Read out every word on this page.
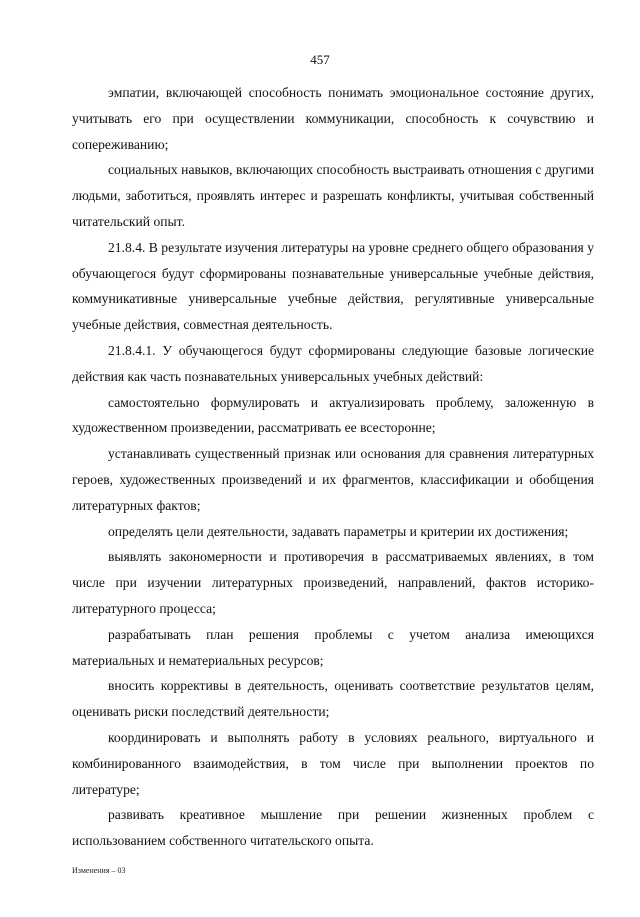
457

эмпатии, включающей способность понимать эмоциональное состояние других, учитывать его при осуществлении коммуникации, способность к сочувствию и сопереживанию;

социальных навыков, включающих способность выстраивать отношения с другими людьми, заботиться, проявлять интерес и разрешать конфликты, учитывая собственный читательский опыт.

21.8.4. В результате изучения литературы на уровне среднего общего образования у обучающегося будут сформированы познавательные универсальные учебные действия, коммуникативные универсальные учебные действия, регулятивные универсальные учебные действия, совместная деятельность.

21.8.4.1. У обучающегося будут сформированы следующие базовые логические действия как часть познавательных универсальных учебных действий:

самостоятельно формулировать и актуализировать проблему, заложенную в художественном произведении, рассматривать ее всесторонне;

устанавливать существенный признак или основания для сравнения литературных героев, художественных произведений и их фрагментов, классификации и обобщения литературных фактов;

определять цели деятельности, задавать параметры и критерии их достижения;

выявлять закономерности и противоречия в рассматриваемых явлениях, в том числе при изучении литературных произведений, направлений, фактов историко-литературного процесса;

разрабатывать план решения проблемы с учетом анализа имеющихся материальных и нематериальных ресурсов;

вносить коррективы в деятельность, оценивать соответствие результатов целям, оценивать риски последствий деятельности;

координировать и выполнять работу в условиях реального, виртуального и комбинированного взаимодействия, в том числе при выполнении проектов по литературе;

развивать креативное мышление при решении жизненных проблем с использованием собственного читательского опыта.

Изменения – 03
